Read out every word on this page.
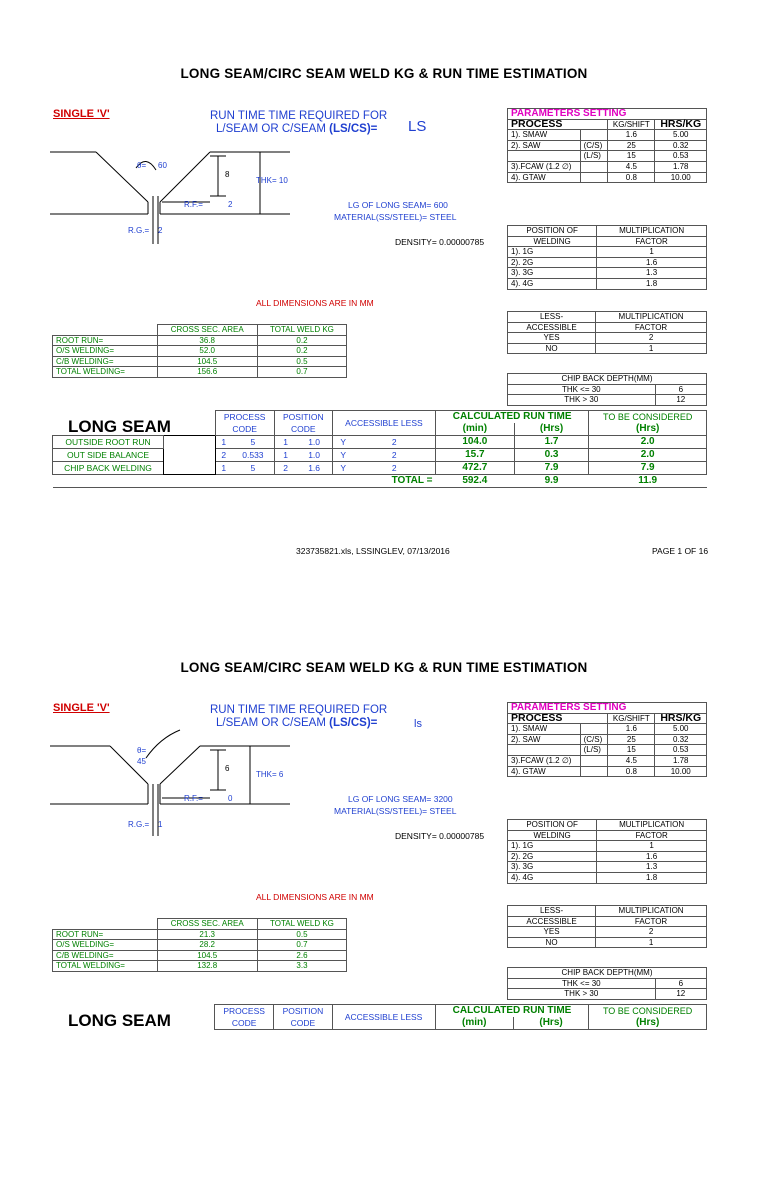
LONG SEAM/CIRC SEAM WELD KG & RUN TIME ESTIMATION
SINGLE 'V'	RUN TIME TIME REQUIRED FOR
L/SEAM OR C/SEAM (LS/CS)= LS
θ= 60
8
THK= 10
R.F.=	2
R.G.= 2
LG OF LONG SEAM= 600
MATERIAL(SS/STEEL)= STEEL
DENSITY= 0.00000785
ALL DIMENSIONS ARE IN MM
PARAMETERS SETTING			
PROCESS		KG/SHIFT	HRS/KG
1). SMAW		1.6	5.00
2). SAW	(C/S)	25	0.32
	(L/S)	15	0.53
3).FCAW (1.2 ∅)		4.5	1.78
4). GTAW		0.8	10.00
POSITION OF	MULTIPLICATION
WELDING	FACTOR
1). 1G	1
2). 2G	1.6
3). 3G	1.3
4). 4G	1.8
LESS-	MULTIPLICATION
ACCESSIBLE	FACTOR
YES	2
NO	1
CHIP BACK DEPTH(MM)	
THK <= 30	6
THK > 30	12
	CROSS SEC. AREA	TOTAL WELD KG
ROOT RUN=	36.8	0.2
O/S WELDING=	52.0	0.2
C/B WELDING=	104.5	0.5
TOTAL WELDING=	156.6	0.7
LONG SEAM
			PROCESS		POSITION		ACCESSIBLE LESS		CALCULATED RUN TIME		TO BE CONSIDERED
		CODE		CODE				(min)	(Hrs)	(Hrs)
OUTSIDE ROOT RUN		1	5	1	1.0	Y	2	104.0	1.7	2.0
OUT SIDE BALANCE		2	0.533	1	1.0	Y	2	15.7	0.3	2.0
CHIP BACK WELDING		1	5	2	1.6	Y	2	472.7	7.9	7.9
							TOTAL =	592.4	9.9	11.9
323735821.xls, LSSINGLEV, 07/13/2016	PAGE 1 OF 16
LONG SEAM/CIRC SEAM WELD KG & RUN TIME ESTIMATION
SINGLE 'V'	RUN TIME TIME REQUIRED FOR
L/SEAM OR C/SEAM (LS/CS)=	ls
θ=
45
6
THK= 6
R.F.=	0
R.G.= 1
LG OF LONG SEAM= 3200
MATERIAL(SS/STEEL)= STEEL
DENSITY= 0.00000785
ALL DIMENSIONS ARE IN MM
PARAMETERS SETTING			
PROCESS		KG/SHIFT	HRS/KG
1). SMAW		1.6	5.00
2). SAW	(C/S)	25	0.32
	(L/S)	15	0.53
3).FCAW (1.2 ∅)		4.5	1.78
4). GTAW		0.8	10.00
POSITION OF	MULTIPLICATION
WELDING	FACTOR
1). 1G	1
2). 2G	1.6
3). 3G	1.3
4). 4G	1.8
LESS-	MULTIPLICATION
ACCESSIBLE	FACTOR
YES	2
NO	1
CHIP BACK DEPTH(MM)	
THK <= 30	6
THK > 30	12
	CROSS SEC. AREA	TOTAL WELD KG
ROOT RUN=	21.3	0.5
O/S WELDING=	28.2	0.7
C/B WELDING=	104.5	2.6
TOTAL WELDING=	132.8	3.3
LONG SEAM
			PROCESS	POSITION	ACCESSIBLE LESS	CALCULATED RUN TIME		TO BE CONSIDERED
		CODE	CODE		(min)	(Hrs)	(Hrs)
